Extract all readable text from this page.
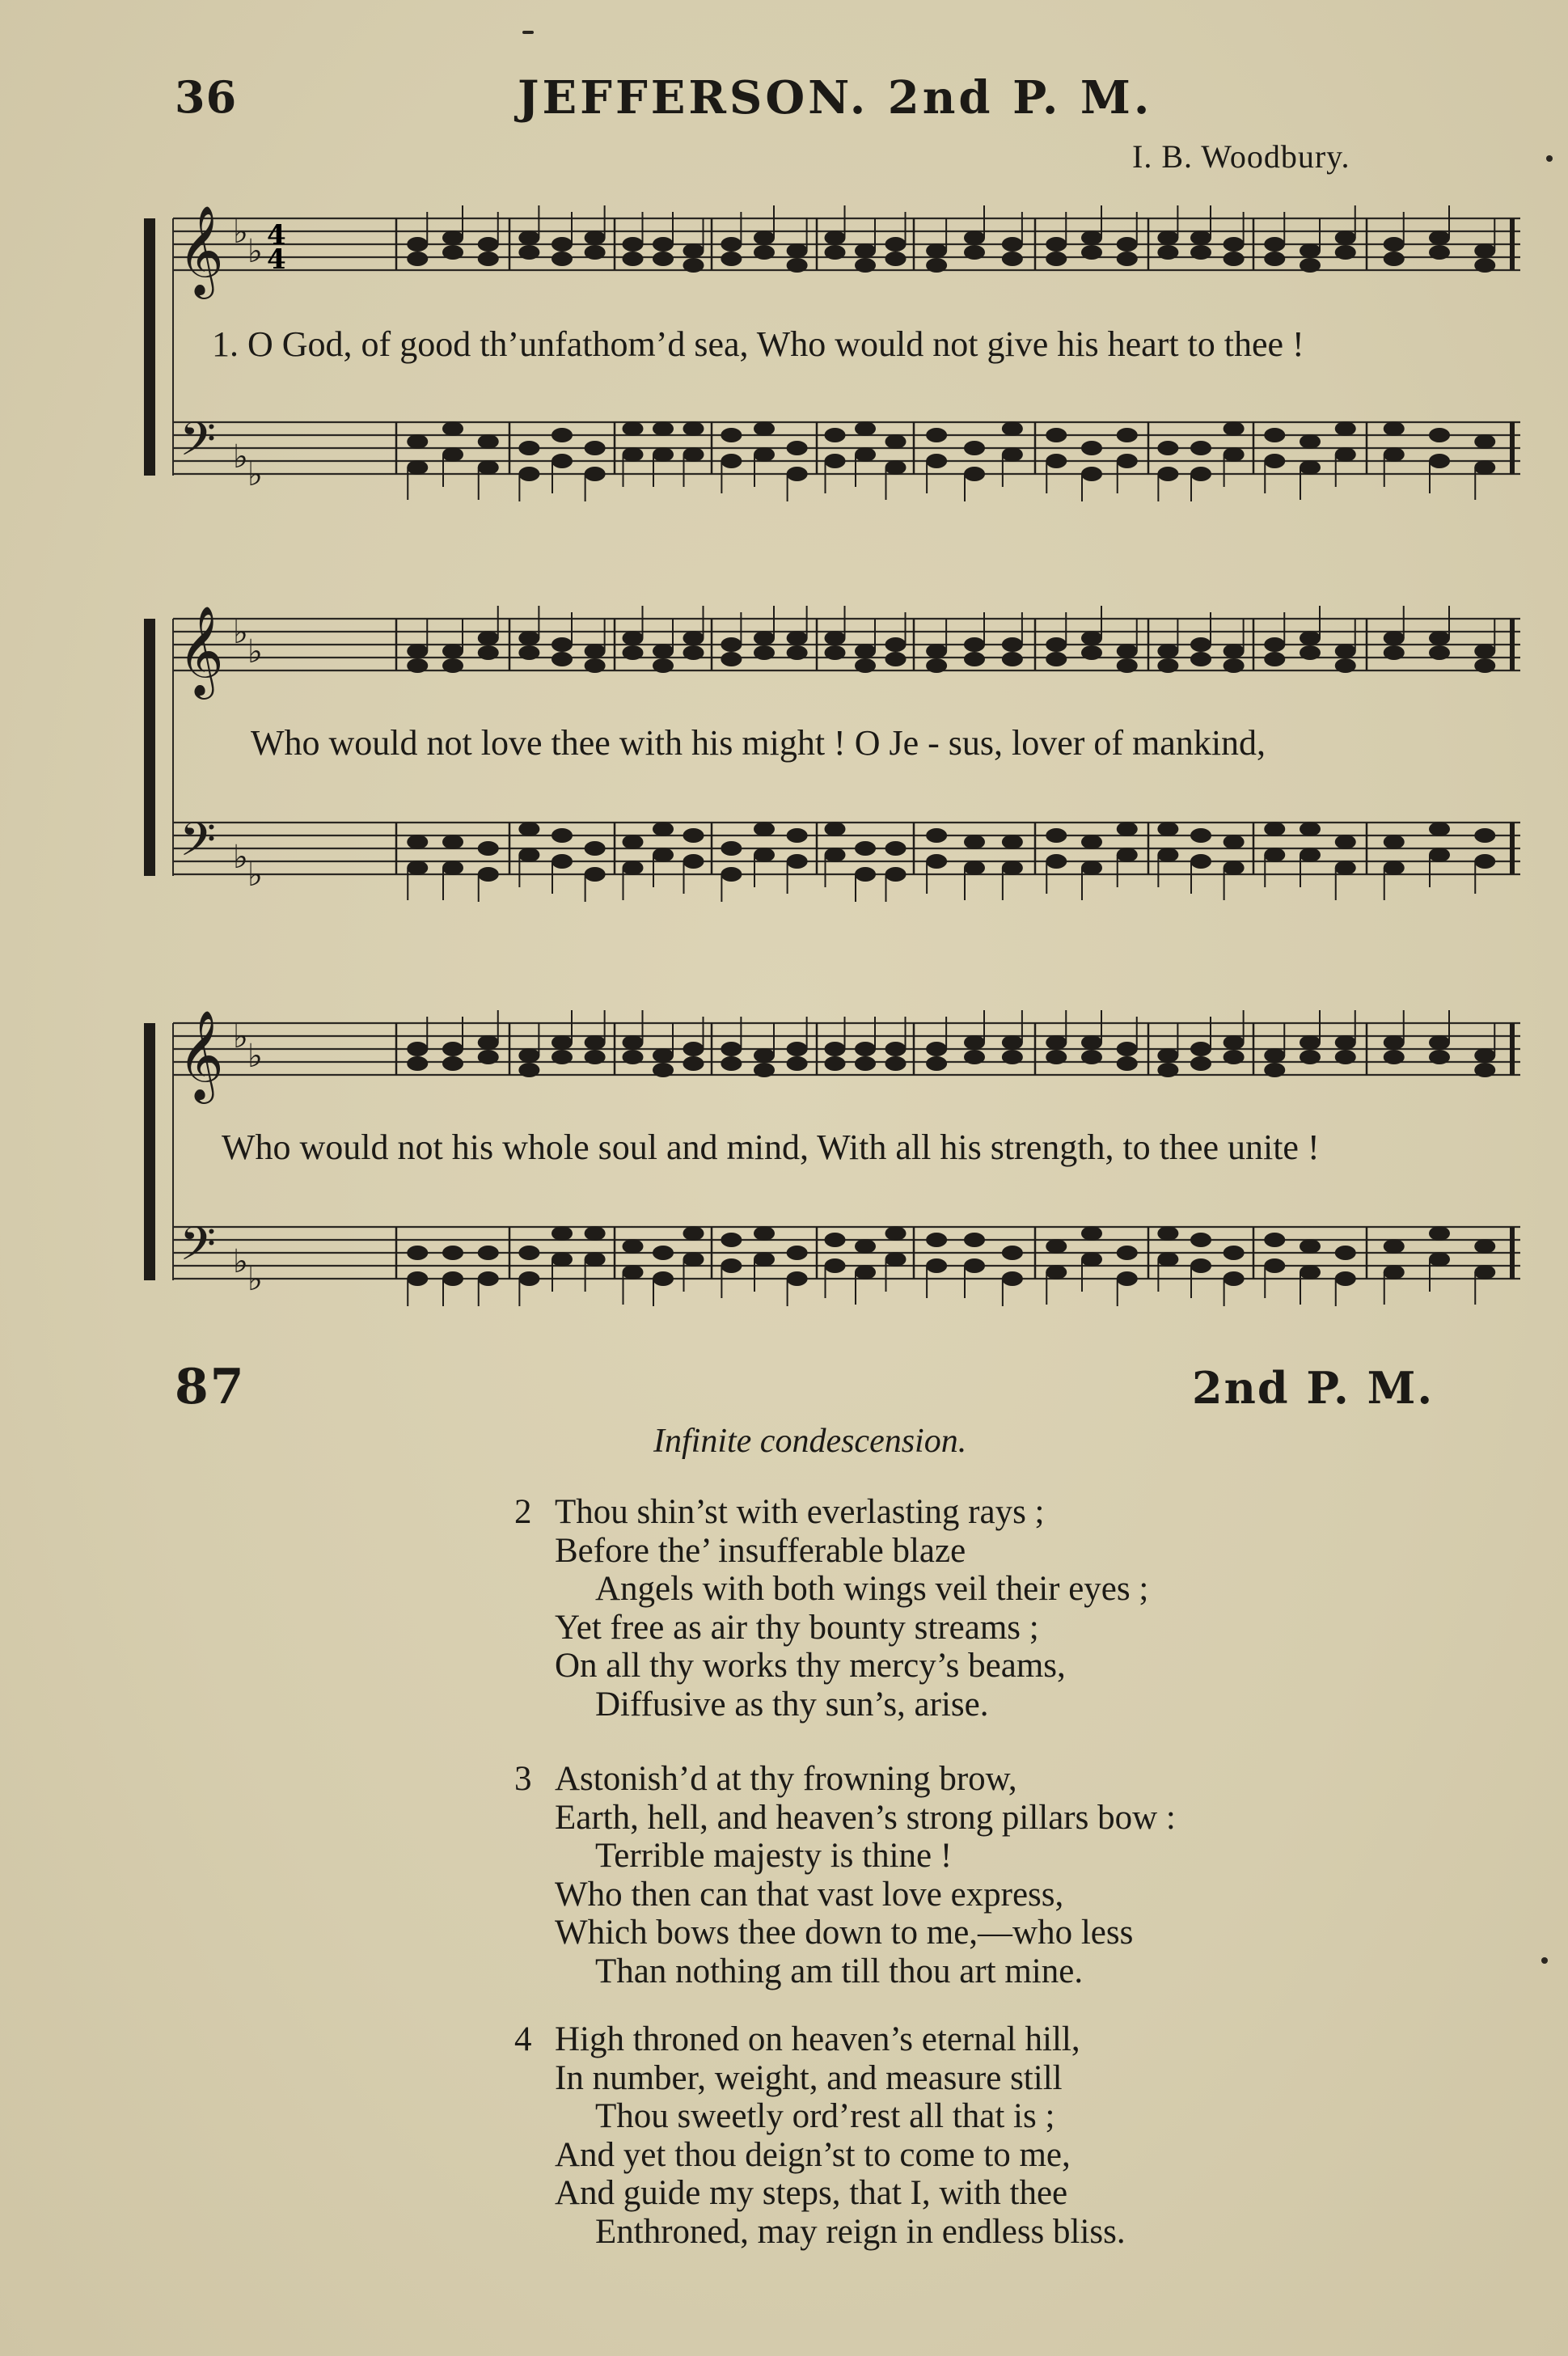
36	JEFFERSON. 2nd P. M.
I. B. Woodbury.
𝄞
𝄢
♭
♭
♭ ♭
4
4
1. O God, of good th’unfathom’d sea, Who would not give his heart to thee !
𝄞
𝄢
♭
♭
♭ ♭
Who would not love thee with his might ! O Je - sus, lover of mankind,
𝄞
𝄢
♭
♭
♭ ♭
Who would not his whole soul and mind, With all his strength, to thee unite !
87	2nd P. M.
Infinite condescension.
2 Thou shin’st with everlasting rays ;
Before the’ insufferable blaze
Angels with both wings veil their eyes ;
Yet free as air thy bounty streams ;
On all thy works thy mercy’s beams,
Diffusive as thy sun’s, arise.
3 Astonish’d at thy frowning brow,
Earth, hell, and heaven’s strong pillars bow :
Terrible majesty is thine !
Who then can that vast love express,
Which bows thee down to me,—who less
Than nothing am till thou art mine.
4 High throned on heaven’s eternal hill,
In number, weight, and measure still
Thou sweetly ord’rest all that is ;
And yet thou deign’st to come to me,
And guide my steps, that I, with thee
Enthroned, may reign in endless bliss.
